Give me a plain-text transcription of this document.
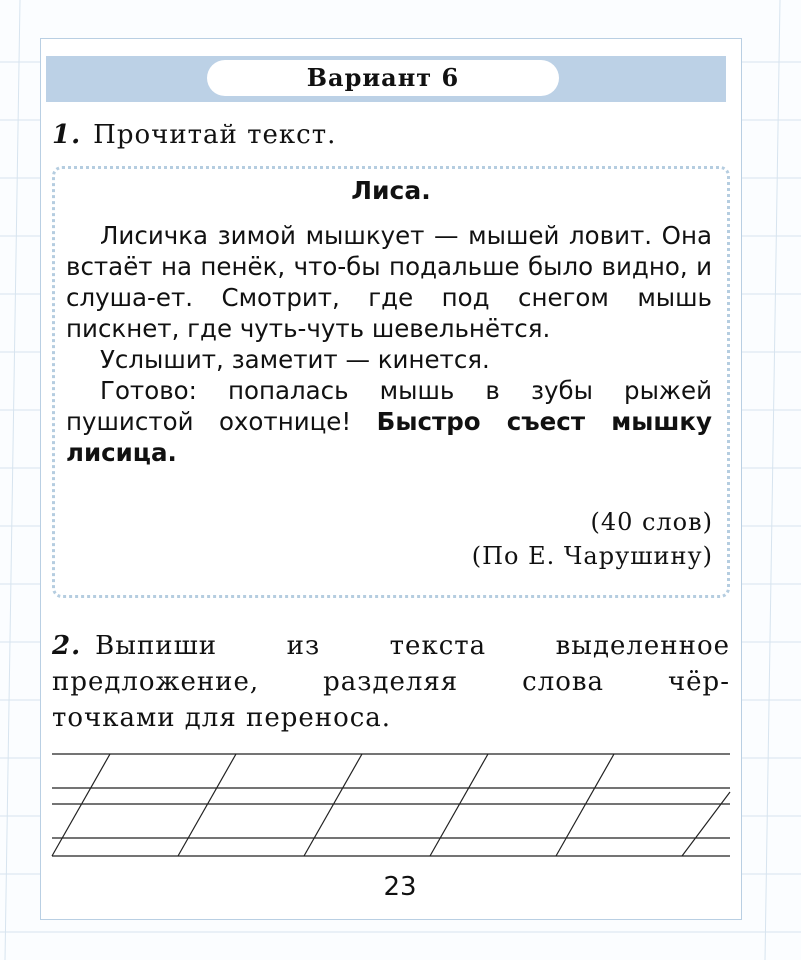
Вариант 6
1. Прочитай текст.
Лиса.

Лисичка зимой мышкует — мышей ловит. Она встаёт на пенёк, что-бы подальше было видно, и слуша-ет. Смотрит, где под снегом мышь пискнет, где чуть-чуть шевельнётся.

Услышит, заметит — кинется.

Готово: попалась мышь в зубы рыжей пушистой охотнице! Быстро съест мышку лисица.

(40 слов)
(По Е. Чарушину)
2. Выпиши	из	текста	выделенное
предложение, разделяя слова чёр-
точками для переноса.
23
